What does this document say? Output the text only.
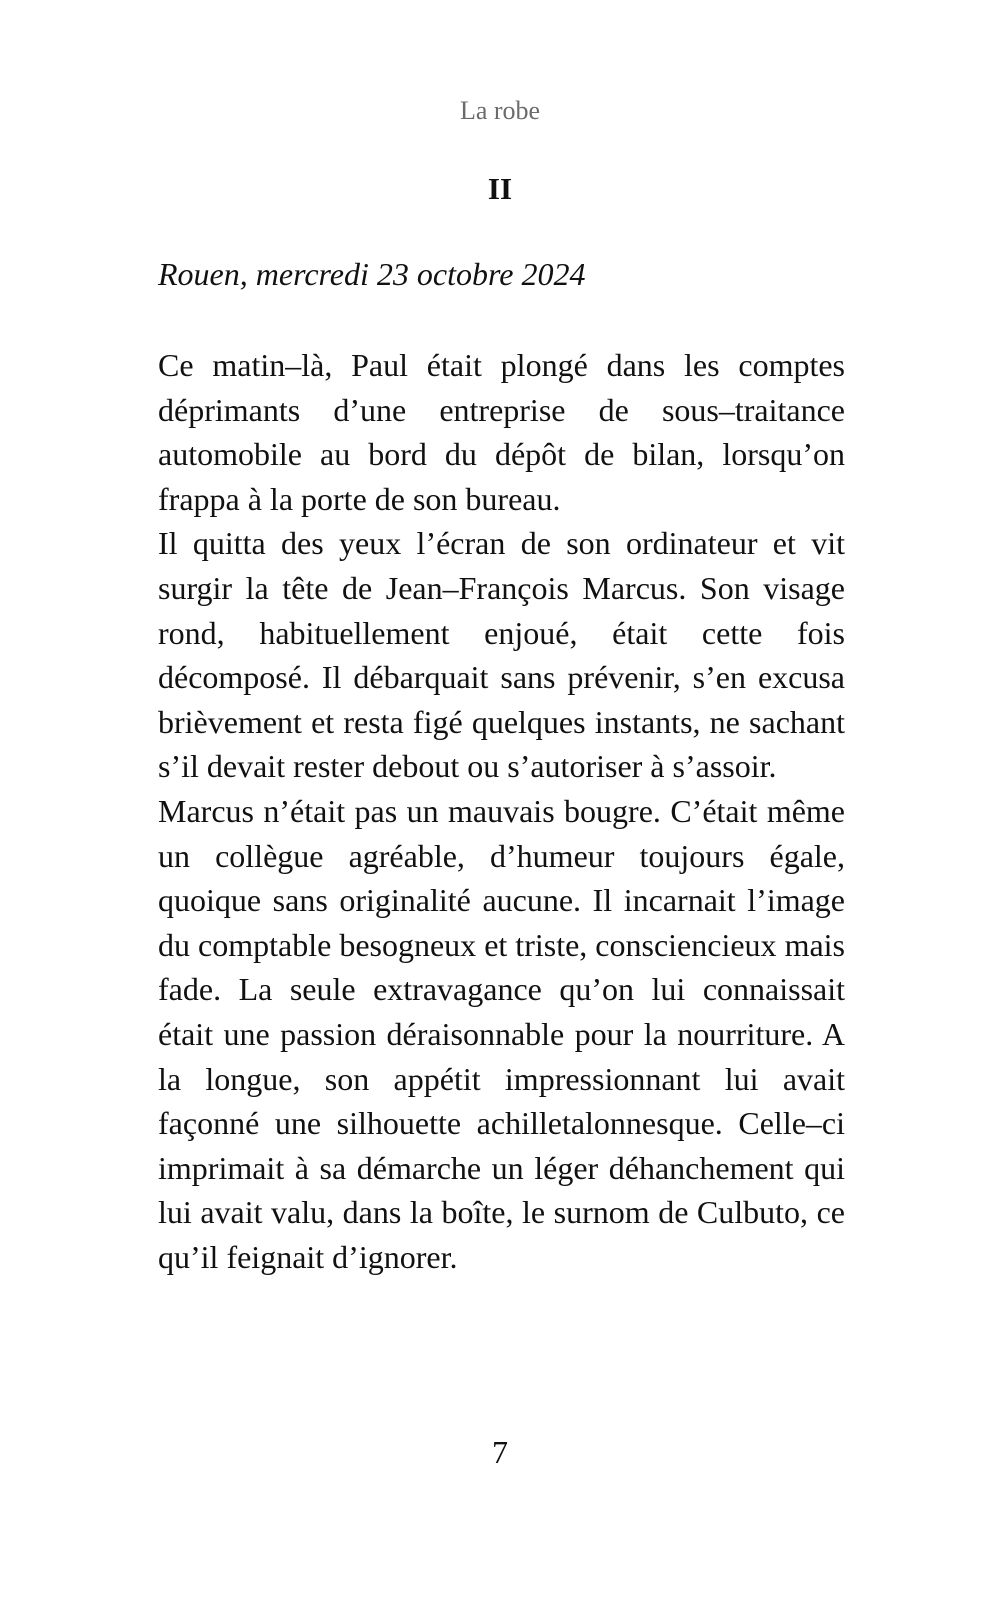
La robe
II
Rouen, mercredi 23 octobre 2024

Ce matin–là, Paul était plongé dans les comptes déprimants d’une entreprise de sous–traitance automobile au bord du dépôt de bilan, lorsqu’on frappa à la porte de son bureau.

Il quitta des yeux l’écran de son ordinateur et vit surgir la tête de Jean–François Marcus. Son visage rond, habituellement enjoué, était cette fois décomposé. Il débarquait sans prévenir, s’en excusa brièvement et resta figé quelques instants, ne sachant s’il devait rester debout ou s’autoriser à s’assoir.

Marcus n’était pas un mauvais bougre. C’était même un collègue agréable, d’humeur toujours égale, quoique sans originalité aucune. Il incarnait l’image du comptable besogneux et triste, consciencieux mais fade. La seule extravagance qu’on lui connaissait était une passion déraisonnable pour la nourriture. A la longue, son appétit impressionnant lui avait façonné une silhouette achilletalonnesque. Celle–ci imprimait à sa démarche un léger déhanchement qui lui avait valu, dans la boîte, le surnom de Culbuto, ce qu’il feignait d’ignorer.

7
